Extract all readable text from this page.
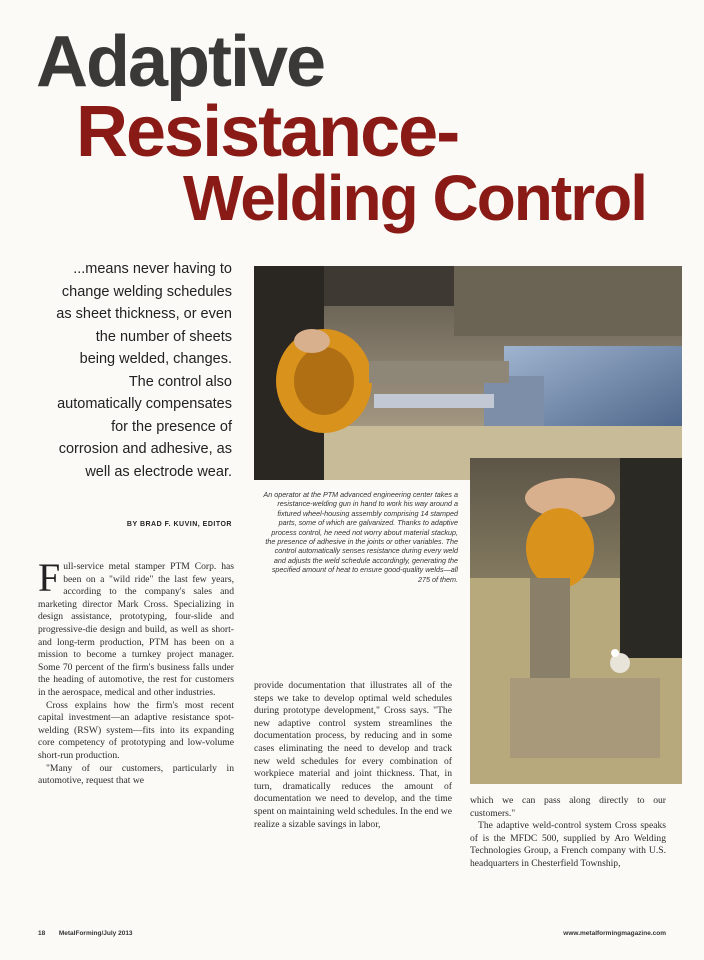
Adaptive
Resistance-
Welding Control
...means never having to
change welding schedules
as sheet thickness, or even
the number of sheets
being welded, changes.
The control also
automatically compensates
for the presence of
corrosion and adhesive, as
well as electrode wear.
BY BRAD F. KUVIN, EDITOR
An operator at the PTM advanced engineering center takes a resistance-welding gun in hand to work his way around a fixtured wheel-housing assembly comprising 14 stamped parts, some of which are galvanized. Thanks to adaptive process control, he need not worry about material stackup, the presence of adhesive in the joints or other variables. The control automatically senses resistance during every weld and adjusts the weld schedule accordingly, generating the specified amount of heat to ensure good-quality welds—all 275 of them.

Full-service metal stamper PTM Corp. has been on a "wild ride" the last few years, according to the company's sales and marketing director Mark Cross. Specializing in design assistance, prototyping, four-slide and progressive-die design and build, as well as short- and long-term production, PTM has been on a mission to become a turnkey project manager. Some 70 percent of the firm's business falls under the heading of automotive, the rest for customers in the aerospace, medical and other industries.

Cross explains how the firm's most recent capital investment—an adaptive resistance spot-welding (RSW) system—fits into its expanding core competency of prototyping and low-volume short-run production.

"Many of our customers, particularly in automotive, request that we

provide documentation that illustrates all of the steps we take to develop optimal weld schedules during prototype development," Cross says. "The new adaptive control system streamlines the documentation process, by reducing and in some cases eliminating the need to develop and track new weld schedules for every combination of workpiece material and joint thickness. That, in turn, dramatically reduces the amount of documentation we need to develop, and the time spent on maintaining weld schedules. In the end we realize a sizable savings in labor,

which we can pass along directly to our customers."

The adaptive weld-control system Cross speaks of is the MFDC 500, supplied by Aro Welding Technologies Group, a French company with U.S. headquarters in Chesterfield Township,

18 MetalForming/July 2013	www.metalformingmagazine.com
